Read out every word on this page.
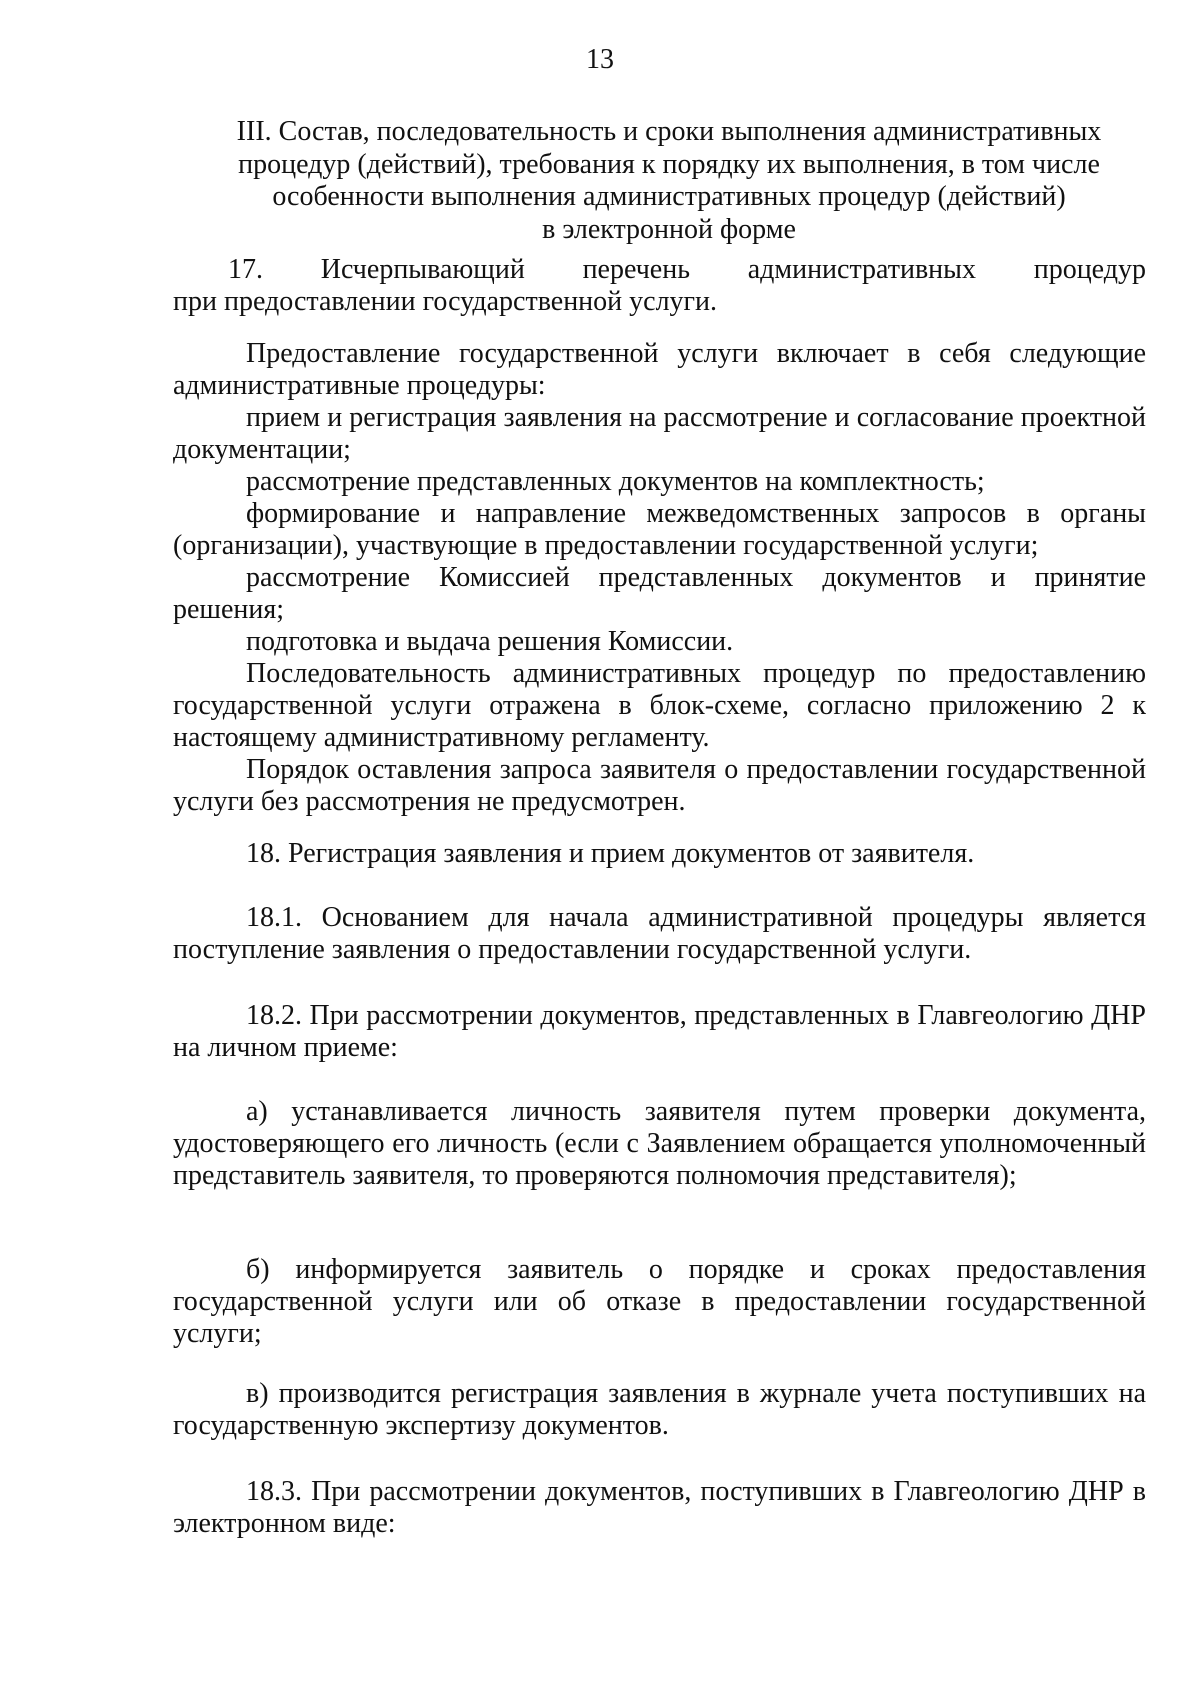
13
III. Состав, последовательность и сроки выполнения административных
процедур (действий), требования к порядку их выполнения, в том числе
особенности выполнения административных процедур (действий)
в электронной форме
17. Исчерпывающий перечень административных процедур
при предоставлении государственной услуги.
Предоставление государственной услуги включает в себя следующие
административные процедуры:
прием и регистрация заявления на рассмотрение и согласование проектной документации;
рассмотрение представленных документов на комплектность;
формирование и направление межведомственных запросов в органы (организации), участвующие в предоставлении государственной услуги;
рассмотрение Комиссией представленных документов и принятие решения;
подготовка и выдача решения Комиссии.
Последовательность административных процедур по предоставлению государственной услуги отражена в блок-схеме, согласно приложению 2 к настоящему административному регламенту.
Порядок оставления запроса заявителя о предоставлении государственной услуги без рассмотрения не предусмотрен.
18. Регистрация заявления и прием документов от заявителя.
18.1. Основанием для начала административной процедуры является поступление заявления о предоставлении государственной услуги.
18.2. При рассмотрении документов, представленных в Главгеологию ДНР на личном приеме:
а) устанавливается личность заявителя путем проверки документа, удостоверяющего его личность (если с Заявлением обращается уполномоченный представитель заявителя, то проверяются полномочия представителя);
б) информируется заявитель о порядке и сроках предоставления государственной услуги или об отказе в предоставлении государственной услуги;
в) производится регистрация заявления в журнале учета поступивших на государственную экспертизу документов.
18.3. При рассмотрении документов, поступивших в Главгеологию ДНР в электронном виде:
